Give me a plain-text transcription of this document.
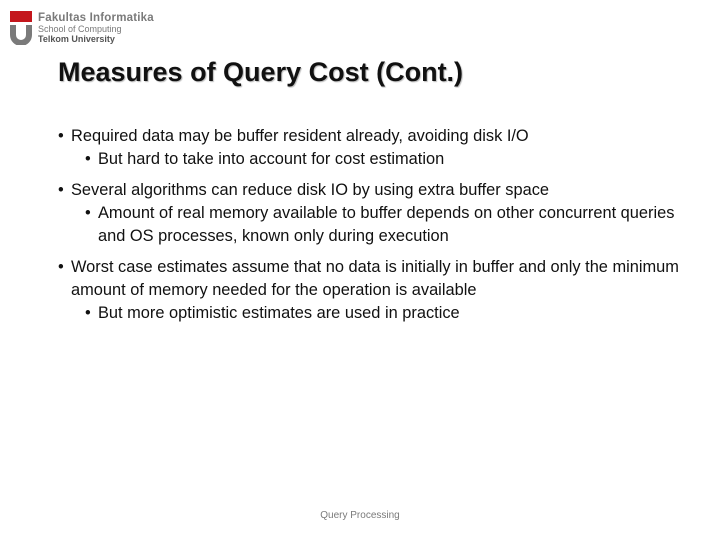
Fakultas Informatika
School of Computing
Telkom University
Measures of Query Cost (Cont.)

• Required data may be buffer resident already, avoiding disk I/O

• But hard to take into account for cost estimation

• Several algorithms can reduce disk IO by using extra buffer space

• Amount of real memory available to buffer depends on other concurrent queries and OS processes, known only during execution

• Worst case estimates assume that no data is initially in buffer and only the minimum amount of memory needed for the operation is available

• But more optimistic estimates are used in practice

Query Processing
